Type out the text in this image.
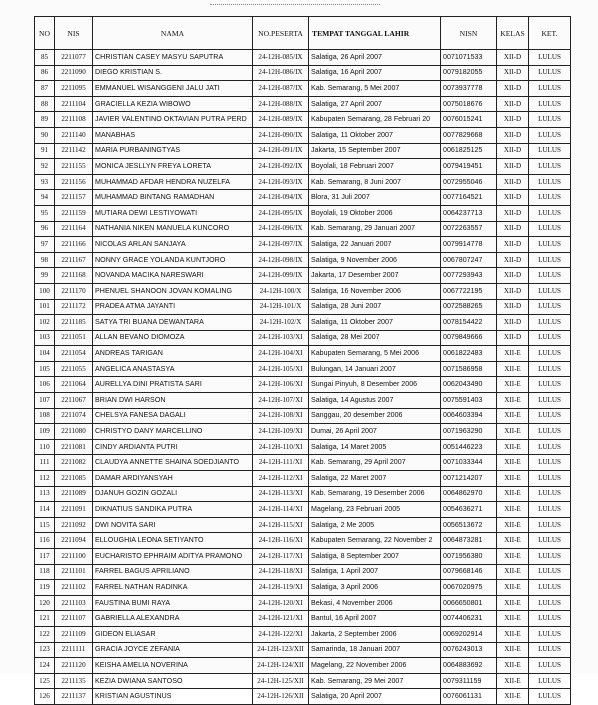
NO	NIS	NAMA	NO.PESERTA	TEMPAT TANGGAL LAHIR	NISN	KELAS	KET.
85	2211077	CHRISTIAN CASEY MASYU SAPUTRA	24-12H-085/IX	Salatiga, 26 April 2007	0071071533	XII-D	LULUS
86	2211090	DIEGO KRISTIAN S.	24-12H-086/IX	Salatiga, 16 April 2007	0079182055	XII-D	LULUS
87	2211095	EMMANUEL WISANGGENI JALU JATI	24-12H-087/IX	Kab. Semarang, 5 Mei 2007	0073937778	XII-D	LULUS
88	2211104	GRACIELLA KEZIA WIBOWO	24-12H-088/IX	Salatiga, 27 April 2007	0075018676	XII-D	LULUS
89	2211108	JAVIER VALENTINO OKTAVIAN PUTRA PERD	24-12H-089/IX	Kabupaten Semarang, 28 Februari 20	0076015241	XII-D	LULUS
90	2211140	MANABHAS	24-12H-090/IX	Salatiga, 11 Oktober 2007	0077829668	XII-D	LULUS
91	2211142	MARIA PURBANINGTYAS	24-12H-091/IX	Jakarta, 15 September 2007	0061825125	XII-D	LULUS
92	2211155	MONICA JESLLYN FREYA LORETA	24-12H-092/IX	Boyolali, 18 Februari 2007	0079419451	XII-D	LULUS
93	2211156	MUHAMMAD AFDAR HENDRA NUZELFA	24-12H-093/IX	Kab. Semarang, 8 Juni 2007	0072955046	XII-D	LULUS
94	2211157	MUHAMMAD BINTANG RAMADHAN	24-12H-094/IX	Blora, 31 Juli 2007	0077164521	XII-D	LULUS
95	2211159	MUTIARA DEWI LESTIYOWATI	24-12H-095/IX	Boyolali, 19 Oktober 2006	0064237713	XII-D	LULUS
96	2211164	NATHANIA NIKEN MANUELA KUNCORO	24-12H-096/IX	Kab. Semarang, 29 Januari 2007	0072263557	XII-D	LULUS
97	2211166	NICOLAS ARLAN SANJAYA	24-12H-097/IX	Salatiga, 22 Januari 2007	0079914778	XII-D	LULUS
98	2211167	NONNY GRACE YOLANDA KUNTJORO	24-12H-098/IX	Salatiga, 9 November 2006	0067807247	XII-D	LULUS
99	2211168	NOVANDA MACIKA NARESWARI	24-12H-099/IX	Jakarta, 17 Desember 2007	0077293943	XII-D	LULUS
100	2211170	PHENUEL SHANOON JOVAN KOMALING	24-12H-100/X	Salatiga, 16 November 2006	0067722195	XII-D	LULUS
101	2211172	PRADEA ATMA JAYANTI	24-12H-101/X	Salatiga, 28 Juni 2007	0072588265	XII-D	LULUS
102	2211185	SATYA TRI BUANA DEWANTARA	24-12H-102/X	Salatiga, 11 Oktober 2007	0078154422	XII-D	LULUS
103	2211051	ALLAN BEVANO DIOMOZA	24-12H-103/XI	Salatiga, 28 Mei 2007	0079849666	XII-D	LULUS
104	2211054	ANDREAS TARIGAN	24-12H-104/XI	Kabupaten Semarang, 5 Mei 2006	0061822483	XII-E	LULUS
105	2211055	ANGELICA ANASTASYA	24-12H-105/XI	Bulungan, 14 Januari 2007	0071586958	XII-E	LULUS
106	2211064	AURELLYA DINI PRATISTA SARI	24-12H-106/XI	Sungai Pinyuh, 8 Desember 2006	0062043490	XII-E	LULUS
107	2211067	BRIAN DWI HARSON	24-12H-107/XI	Salatiga, 14 Agustus 2007	0075591403	XII-E	LULUS
108	2211074	CHELSYA FANESA DAGALI	24-12H-108/XI	Sanggau, 20 desember 2006	0064603394	XII-E	LULUS
109	2211080	CHRISTYO DANY MARCELLINO	24-12H-109/XI	Dumai, 26 April 2007	0071963290	XII-E	LULUS
110	2211081	CINDY ARDIANTA PUTRI	24-12H-110/XI	Salatiga, 14 Maret 2005	0051446223	XII-E	LULUS
111	2211082	CLAUDYA ANNETTE SHAINA SOEDJIANTO	24-12H-111/XI	Kab. Semarang, 29 April 2007	0071033344	XII-E	LULUS
112	2211085	DAMAR ARDIYANSYAH	24-12H-112/XI	Salatiga, 22 Maret 2007	0071214207	XII-E	LULUS
113	2211089	DJANUH GOZIN GOZALI	24-12H-113/XI	Kab. Semarang, 19 Desember 2006	0064862970	XII-E	LULUS
114	2211091	DIKNATIUS SANDIKA PUTRA	24-12H-114/XI	Magelang, 23 Februari 2005	0054636271	XII-E	LULUS
115	2211092	DWI NOVITA SARI	24-12H-115/XI	Salatiga, 2 Me 2005	0056513672	XII-E	LULUS
116	2211094	ELLOUGHIA LEONA SETIYANTO	24-12H-116/XI	Kabupaten Semarang, 22 November 2	0064873281	XII-E	LULUS
117	2211100	EUCHARISTO EPHRAIM ADITYA PRAMONO	24-12H-117/XI	Salatiga, 8 September 2007	0071956380	XII-E	LULUS
118	2211101	FARREL BAGUS APRILIANO	24-12H-118/XI	Salatiga, 1 April 2007	0079668146	XII-E	LULUS
119	2211102	FARREL NATHAN RADINKA	24-12H-119/XI	Salatiga, 3 April 2006	0067020975	XII-E	LULUS
120	2211103	FAUSTINA BUMI RAYA	24-12H-120/XI	Bekasi, 4 November 2006	0066650801	XII-E	LULUS
121	2211107	GABRIELLA ALEXANDRA	24-12H-121/XI	Bantul, 16 April 2007	0074406231	XII-E	LULUS
122	2211109	GIDEON ELIASAR	24-12H-122/XI	Jakarta, 2 September 2006	0069202914	XII-E	LULUS
123	2211111	GRACIA JOYCE ZEFANIA	24-12H-123/XII	Samarinda, 18 Januari 2007	0076243013	XII-E	LULUS
124	2211120	KEISHA AMELIA NOVERINA	24-12H-124/XII	Magelang, 22 November 2006	0064883692	XII-E	LULUS
125	2211135	KEZIA DWIANA SANTOSO	24-12H-125/XII	Kab. Semarang, 29 Mei 2007	0079311159	XII-E	LULUS
126	2211137	KRISTIAN AGUSTINUS	24-12H-126/XII	Salatiga, 20 April 2007	0076061131	XII-E	LULUS
